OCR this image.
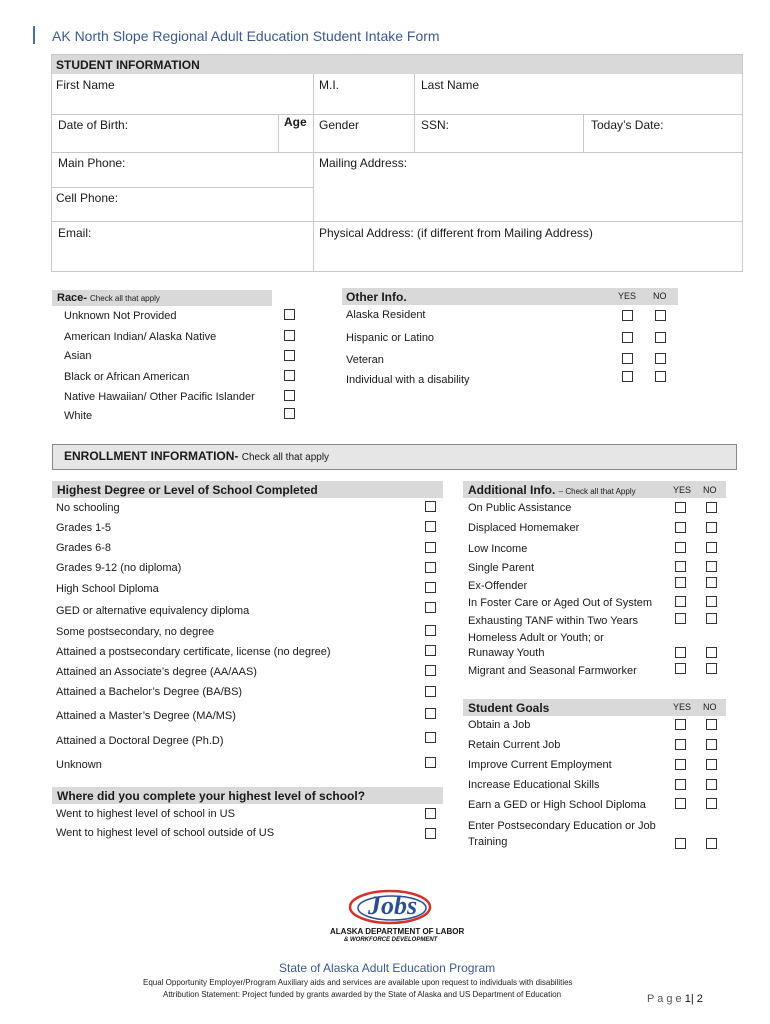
AK North Slope Regional Adult Education Student Intake Form
STUDENT INFORMATION
First Name	M.I.	Last Name
Date of Birth:	Age Gender	SSN:	Today’s Date:
Main Phone:	Mailing Address:
Cell Phone:
Email:	Physical Address: (if different from Mailing Address)
Race- Check all that apply
Unknown Not Provided
American Indian/ Alaska Native
Asian
Black or African American
Native Hawaiian/ Other Pacific Islander
White
Other Info.	YES NO
Alaska Resident
Hispanic or Latino
Veteran
Individual with a disability
ENROLLMENT INFORMATION- Check all that apply
Highest Degree or Level of School Completed
No schooling
Grades 1-5
Grades 6-8
Grades 9-12 (no diploma)
High School Diploma
GED or alternative equivalency diploma
Some postsecondary, no degree
Attained a postsecondary certificate, license (no degree)
Attained an Associate’s degree (AA/AAS)
Attained a Bachelor’s Degree (BA/BS)
Attained a Master’s Degree (MA/MS)
Attained a Doctoral Degree (Ph.D)
Unknown
Where did you complete your highest level of school?
Went to highest level of school in US
Went to highest level of school outside of US
Additional Info. – Check all that Apply	YES NO
On Public Assistance
Displaced Homemaker
Low Income
Single Parent
Ex-Offender
In Foster Care or Aged Out of System
Exhausting TANF within Two Years
Homeless Adult or Youth; or
Runaway Youth
Migrant and Seasonal Farmworker
Student Goals	YES NO
Obtain a Job
Retain Current Job
Improve Current Employment
Increase Educational Skills
Earn a GED or High School Diploma
Enter Postsecondary Education or Job
Training
Jobs
ALASKA DEPARTMENT OF LABOR
& WORKFORCE DEVELOPMENT
State of Alaska Adult Education Program
Equal Opportunity Employer/Program Auxiliary aids and services are available upon request to individuals with disabilities
Attribution Statement: Project funded by grants awarded by the State of Alaska and US Department of Education	P a g e 1| 2
